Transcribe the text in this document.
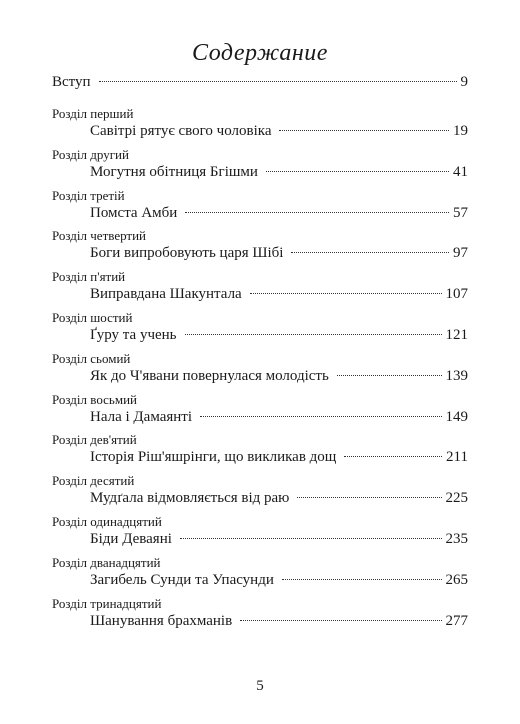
Содержание
Вступ	9
Розділ перший
Савітрі рятує свого чоловіка	19
Розділ другий
Могутня обітниця Бгішми	41
Розділ третій
Помста Амби	57
Розділ четвертий
Боги випробовують царя Шібі	97
Розділ п'ятий
Виправдана Шакунтала	107
Розділ шостий
Ґуру та учень	121
Розділ сьомий
Як до Ч'явани повернулася молодість	139
Розділ восьмий
Нала і Дамаянті	149
Розділ дев'ятий
Історія Ріш'яшрінги, що викликав дощ	211
Розділ десятий
Мудґала відмовляється від раю	225
Розділ одинадцятий
Біди Деваяні	235
Розділ дванадцятий
Загибель Сунди та Упасунди	265
Розділ тринадцятий
Шанування брахманів	277
5
